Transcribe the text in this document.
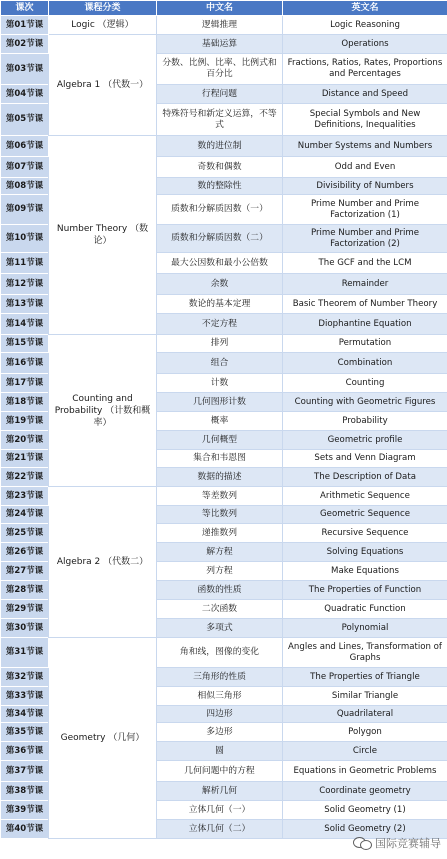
课次	课程分类	中文名	英文名
第01节课	Logic （逻辑）	逻辑推理	Logic Reasoning
第02节课	Algebra 1 （代数一）	基础运算	Operations
第03节课		分数、比例、比率、比例式和百分比	Fractions, Ratios, Rates, Proportions and Percentages
第04节课		行程问题	Distance and Speed
第05节课		特殊符号和新定义运算，不等式	Special Symbols and New Definitions, Inequalities
第06节课	Number Theory （数论）	数的进位制	Number Systems and Numbers
第07节课		奇数和偶数	Odd and Even
第08节课		数的整除性	Divisibility of Numbers
第09节课		质数和分解质因数（一）	Prime Number and Prime Factorization (1)
第10节课		质数和分解质因数（二）	Prime Number and Prime Factorization (2)
第11节课		最大公因数和最小公倍数	The GCF and the LCM
第12节课		余数	Remainder
第13节课		数论的基本定理	Basic Theorem of Number Theory
第14节课		不定方程	Diophantine Equation
第15节课	Counting and Probability （计数和概率）	排列	Permutation
第16节课		组合	Combination
第17节课		计数	Counting
第18节课		几何图形计数	Counting with Geometric Figures
第19节课		概率	Probability
第20节课		几何概型	Geometric profile
第21节课		集合和韦恩图	Sets and Venn Diagram
第22节课		数据的描述	The Description of Data
第23节课	Algebra 2 （代数二）	等差数列	Arithmetic Sequence
第24节课		等比数列	Geometric Sequence
第25节课		递推数列	Recursive Sequence
第26节课		解方程	Solving Equations
第27节课		列方程	Make Equations
第28节课		函数的性质	The Properties of Function
第29节课		二次函数	Quadratic Function
第30节课		多项式	Polynomial
第31节课	Geometry （几何）	角和线，图像的变化	Angles and Lines, Transformation of Graphs
第32节课		三角形的性质	The Properties of Triangle
第33节课		相似三角形	Similar Triangle
第34节课		四边形	Quadrilateral
第35节课		多边形	Polygon
第36节课		圆	Circle
第37节课		几何问题中的方程	Equations in Geometric Problems
第38节课		解析几何	Coordinate geometry
第39节课		立体几何（一）	Solid Geometry (1)
第40节课		立体几何（二）	Solid Geometry (2)
国际竞赛辅导
